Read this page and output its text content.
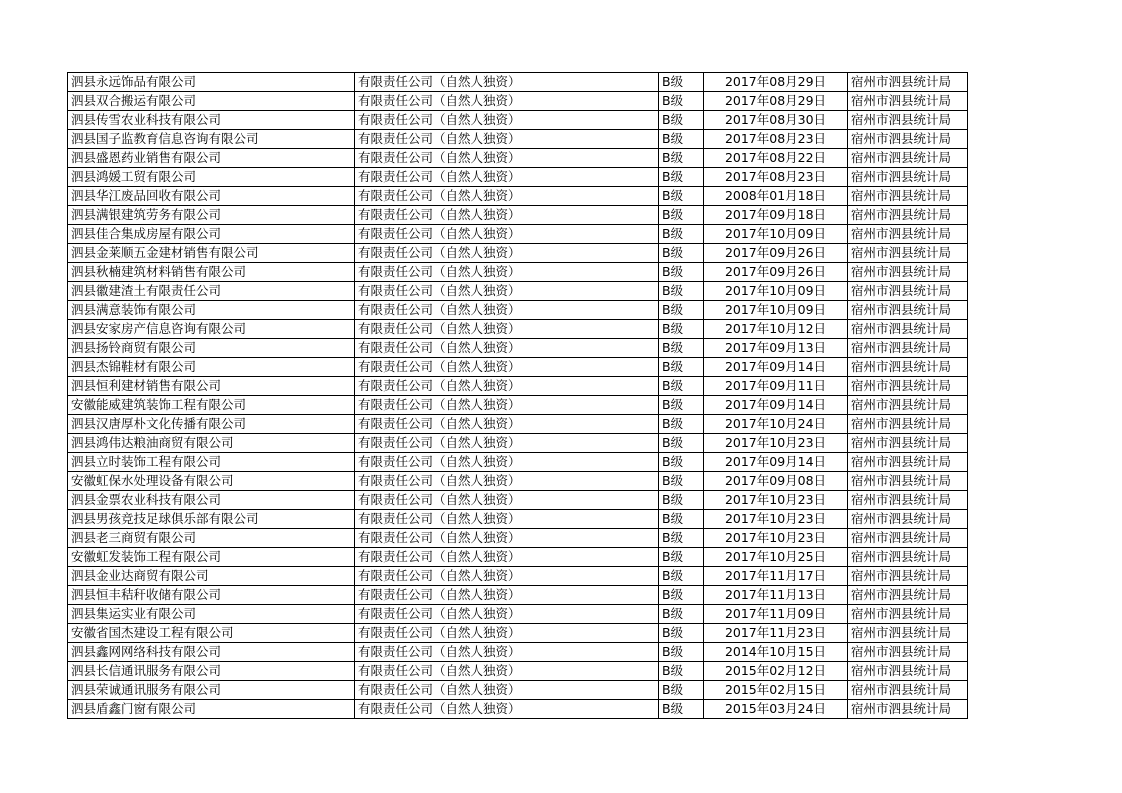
泗县永远饰品有限公司	有限责任公司（自然人独资）	B级	2017年08月29日	宿州市泗县统计局
泗县双合搬运有限公司	有限责任公司（自然人独资）	B级	2017年08月29日	宿州市泗县统计局
泗县传雪农业科技有限公司	有限责任公司（自然人独资）	B级	2017年08月30日	宿州市泗县统计局
泗县国子监教育信息咨询有限公司	有限责任公司（自然人独资）	B级	2017年08月23日	宿州市泗县统计局
泗县盛恩药业销售有限公司	有限责任公司（自然人独资）	B级	2017年08月22日	宿州市泗县统计局
泗县鸿媛工贸有限公司	有限责任公司（自然人独资）	B级	2017年08月23日	宿州市泗县统计局
泗县华江废品回收有限公司	有限责任公司（自然人独资）	B级	2008年01月18日	宿州市泗县统计局
泗县满银建筑劳务有限公司	有限责任公司（自然人独资）	B级	2017年09月18日	宿州市泗县统计局
泗县佳合集成房屋有限公司	有限责任公司（自然人独资）	B级	2017年10月09日	宿州市泗县统计局
泗县金莱顺五金建材销售有限公司	有限责任公司（自然人独资）	B级	2017年09月26日	宿州市泗县统计局
泗县秋楠建筑材料销售有限公司	有限责任公司（自然人独资）	B级	2017年09月26日	宿州市泗县统计局
泗县徽建渣土有限责任公司	有限责任公司（自然人独资）	B级	2017年10月09日	宿州市泗县统计局
泗县满意装饰有限公司	有限责任公司（自然人独资）	B级	2017年10月09日	宿州市泗县统计局
泗县安家房产信息咨询有限公司	有限责任公司（自然人独资）	B级	2017年10月12日	宿州市泗县统计局
泗县扬铃商贸有限公司	有限责任公司（自然人独资）	B级	2017年09月13日	宿州市泗县统计局
泗县杰锦鞋材有限公司	有限责任公司（自然人独资）	B级	2017年09月14日	宿州市泗县统计局
泗县恒利建材销售有限公司	有限责任公司（自然人独资）	B级	2017年09月11日	宿州市泗县统计局
安徽能威建筑装饰工程有限公司	有限责任公司（自然人独资）	B级	2017年09月14日	宿州市泗县统计局
泗县汉唐厚朴文化传播有限公司	有限责任公司（自然人独资）	B级	2017年10月24日	宿州市泗县统计局
泗县鸿伟达粮油商贸有限公司	有限责任公司（自然人独资）	B级	2017年10月23日	宿州市泗县统计局
泗县立时装饰工程有限公司	有限责任公司（自然人独资）	B级	2017年09月14日	宿州市泗县统计局
安徽虹保水处理设备有限公司	有限责任公司（自然人独资）	B级	2017年09月08日	宿州市泗县统计局
泗县金票农业科技有限公司	有限责任公司（自然人独资）	B级	2017年10月23日	宿州市泗县统计局
泗县男孩竞技足球俱乐部有限公司	有限责任公司（自然人独资）	B级	2017年10月23日	宿州市泗县统计局
泗县老三商贸有限公司	有限责任公司（自然人独资）	B级	2017年10月23日	宿州市泗县统计局
安徽虹发装饰工程有限公司	有限责任公司（自然人独资）	B级	2017年10月25日	宿州市泗县统计局
泗县金业达商贸有限公司	有限责任公司（自然人独资）	B级	2017年11月17日	宿州市泗县统计局
泗县恒丰秸秆收储有限公司	有限责任公司（自然人独资）	B级	2017年11月13日	宿州市泗县统计局
泗县集运实业有限公司	有限责任公司（自然人独资）	B级	2017年11月09日	宿州市泗县统计局
安徽省国杰建设工程有限公司	有限责任公司（自然人独资）	B级	2017年11月23日	宿州市泗县统计局
泗县鑫网网络科技有限公司	有限责任公司（自然人独资）	B级	2014年10月15日	宿州市泗县统计局
泗县长信通讯服务有限公司	有限责任公司（自然人独资）	B级	2015年02月12日	宿州市泗县统计局
泗县荣诚通讯服务有限公司	有限责任公司（自然人独资）	B级	2015年02月15日	宿州市泗县统计局
泗县盾鑫门窗有限公司	有限责任公司（自然人独资）	B级	2015年03月24日	宿州市泗县统计局
